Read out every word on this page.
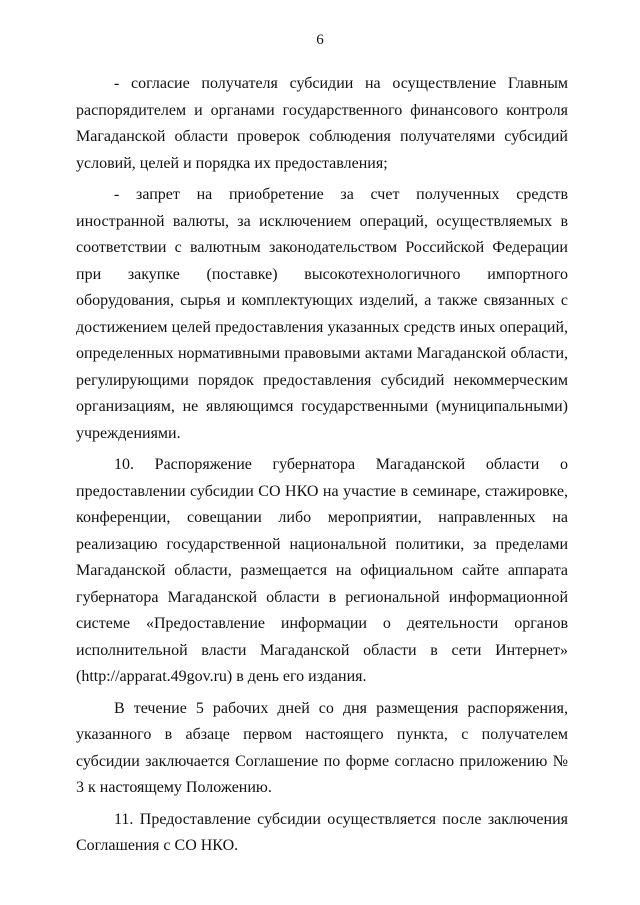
6

- согласие получателя субсидии на осуществление Главным распорядителем и органами государственного финансового контроля Магаданской области проверок соблюдения получателями субсидий условий, целей и порядка их предоставления;

- запрет на приобретение за счет полученных средств иностранной валюты, за исключением операций, осуществляемых в соответствии с валютным законодательством Российской Федерации при закупке (поставке) высокотехнологичного импортного оборудования, сырья и комплектующих изделий, а также связанных с достижением целей предоставления указанных средств иных операций, определенных нормативными правовыми актами Магаданской области, регулирующими порядок предоставления субсидий некоммерческим организациям, не являющимся государственными (муниципальными) учреждениями.

10. Распоряжение губернатора Магаданской области о предоставлении субсидии СО НКО на участие в семинаре, стажировке, конференции, совещании либо мероприятии, направленных на реализацию государственной национальной политики, за пределами Магаданской области, размещается на официальном сайте аппарата губернатора Магаданской области в региональной информационной системе «Предоставление информации о деятельности органов исполнительной власти Магаданской области в сети Интернет» (http://apparat.49gov.ru) в день его издания.

В течение 5 рабочих дней со дня размещения распоряжения, указанного в абзаце первом настоящего пункта, с получателем субсидии заключается Соглашение по форме согласно приложению № 3 к настоящему Положению.

11. Предоставление субсидии осуществляется после заключения Соглашения с СО НКО.
